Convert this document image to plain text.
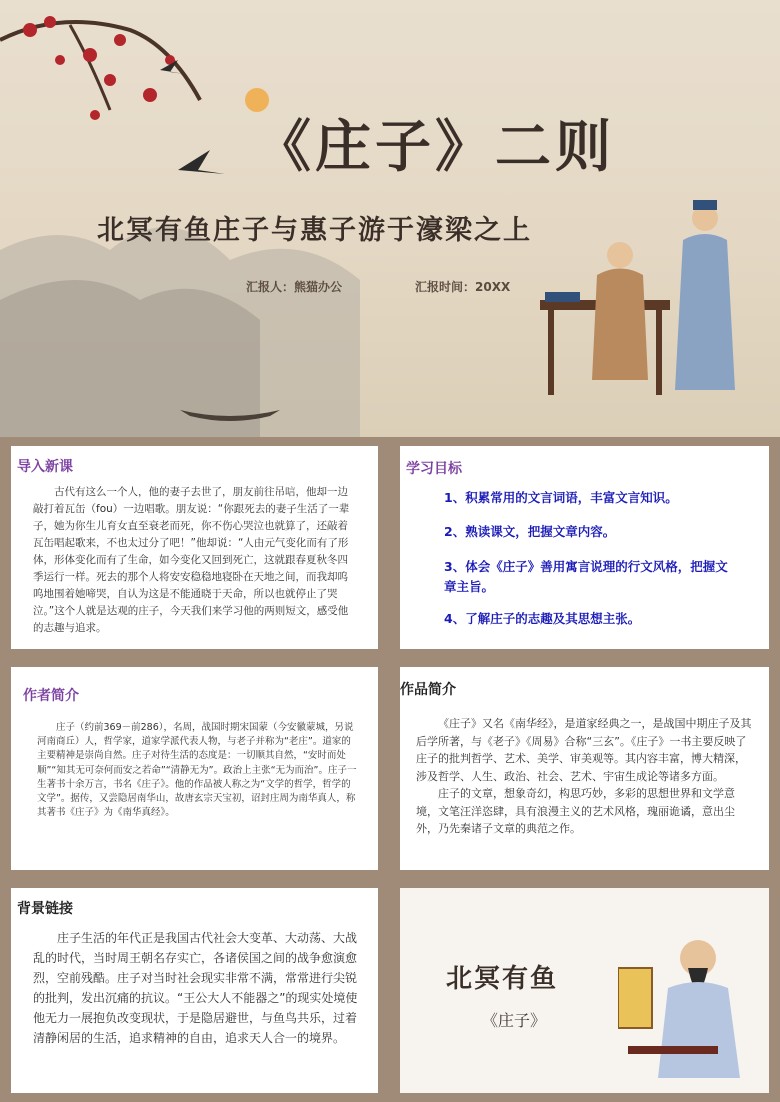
《庄子》二则
北冥有鱼庄子与惠子游于濠梁之上
汇报人：熊猫办公	汇报时间：20XX
导入新课
古代有这么一个人，他的妻子去世了，朋友前往吊唁，他却一边敲打着瓦缶（fou）一边唱歌。朋友说：“你跟死去的妻子生活了一辈子，她为你生儿育女直至衰老而死，你不伤心哭泣也就算了，还敲着瓦缶唱起歌来，不也太过分了吧！”他却说：“人由元气变化而有了形体，形体变化而有了生命，如今变化又回到死亡，这就跟春夏秋冬四季运行一样。死去的那个人将安安稳稳地寝卧在天地之间，而我却呜呜地围着她啼哭，自认为这是不能通晓于天命，所以也就停止了哭泣。”这个人就是达观的庄子，今天我们来学习他的两则短文，感受他的志趣与追求。
学习目标
1、积累常用的文言词语，丰富文言知识。
2、熟读课文，把握文章内容。
3、体会《庄子》善用寓言说理的行文风格，把握文章主旨。
4、了解庄子的志趣及其思想主张。
作者简介
庄子（约前369－前286），名周，战国时期宋国蒙（今安徽蒙城，另说河南商丘）人，哲学家，道家学派代表人物，与老子并称为“老庄”。道家的主要精神是崇尚自然。庄子对待生活的态度是：一切顺其自然，“安时而处顺”“知其无可奈何而安之若命”“清静无为”。政治上主张“无为而治”。庄子一生著书十余万言，书名《庄子》。他的作品被人称之为“文学的哲学，哲学的文学”。据传，又尝隐居南华山，故唐玄宗天宝初，诏封庄周为南华真人，称其著书《庄子》为《南华真经》。
作品简介
《庄子》又名《南华经》，是道家经典之一，是战国中期庄子及其后学所著，与《老子》《周易》合称“三玄”。《庄子》一书主要反映了庄子的批判哲学、艺术、美学、审美观等。其内容丰富，博大精深，涉及哲学、人生、政治、社会、艺术、宇宙生成论等诸多方面。
庄子的文章，想象奇幻，构思巧妙，多彩的思想世界和文学意境，文笔汪洋恣肆，具有浪漫主义的艺术风格，瑰丽诡谲，意出尘外，乃先秦诸子文章的典范之作。
背景链接
庄子生活的年代正是我国古代社会大变革、大动荡、大战乱的时代，当时周王朝名存实亡，各诸侯国之间的战争愈演愈烈，空前残酷。庄子对当时社会现实非常不满，常常进行尖锐的批判，发出沉痛的抗议。“王公大人不能器之”的现实处境使他无力一展抱负改变现状，于是隐居避世，与鱼鸟共乐，过着清静闲居的生活，追求精神的自由，追求天人合一的境界。
北冥有鱼
《庄子》
